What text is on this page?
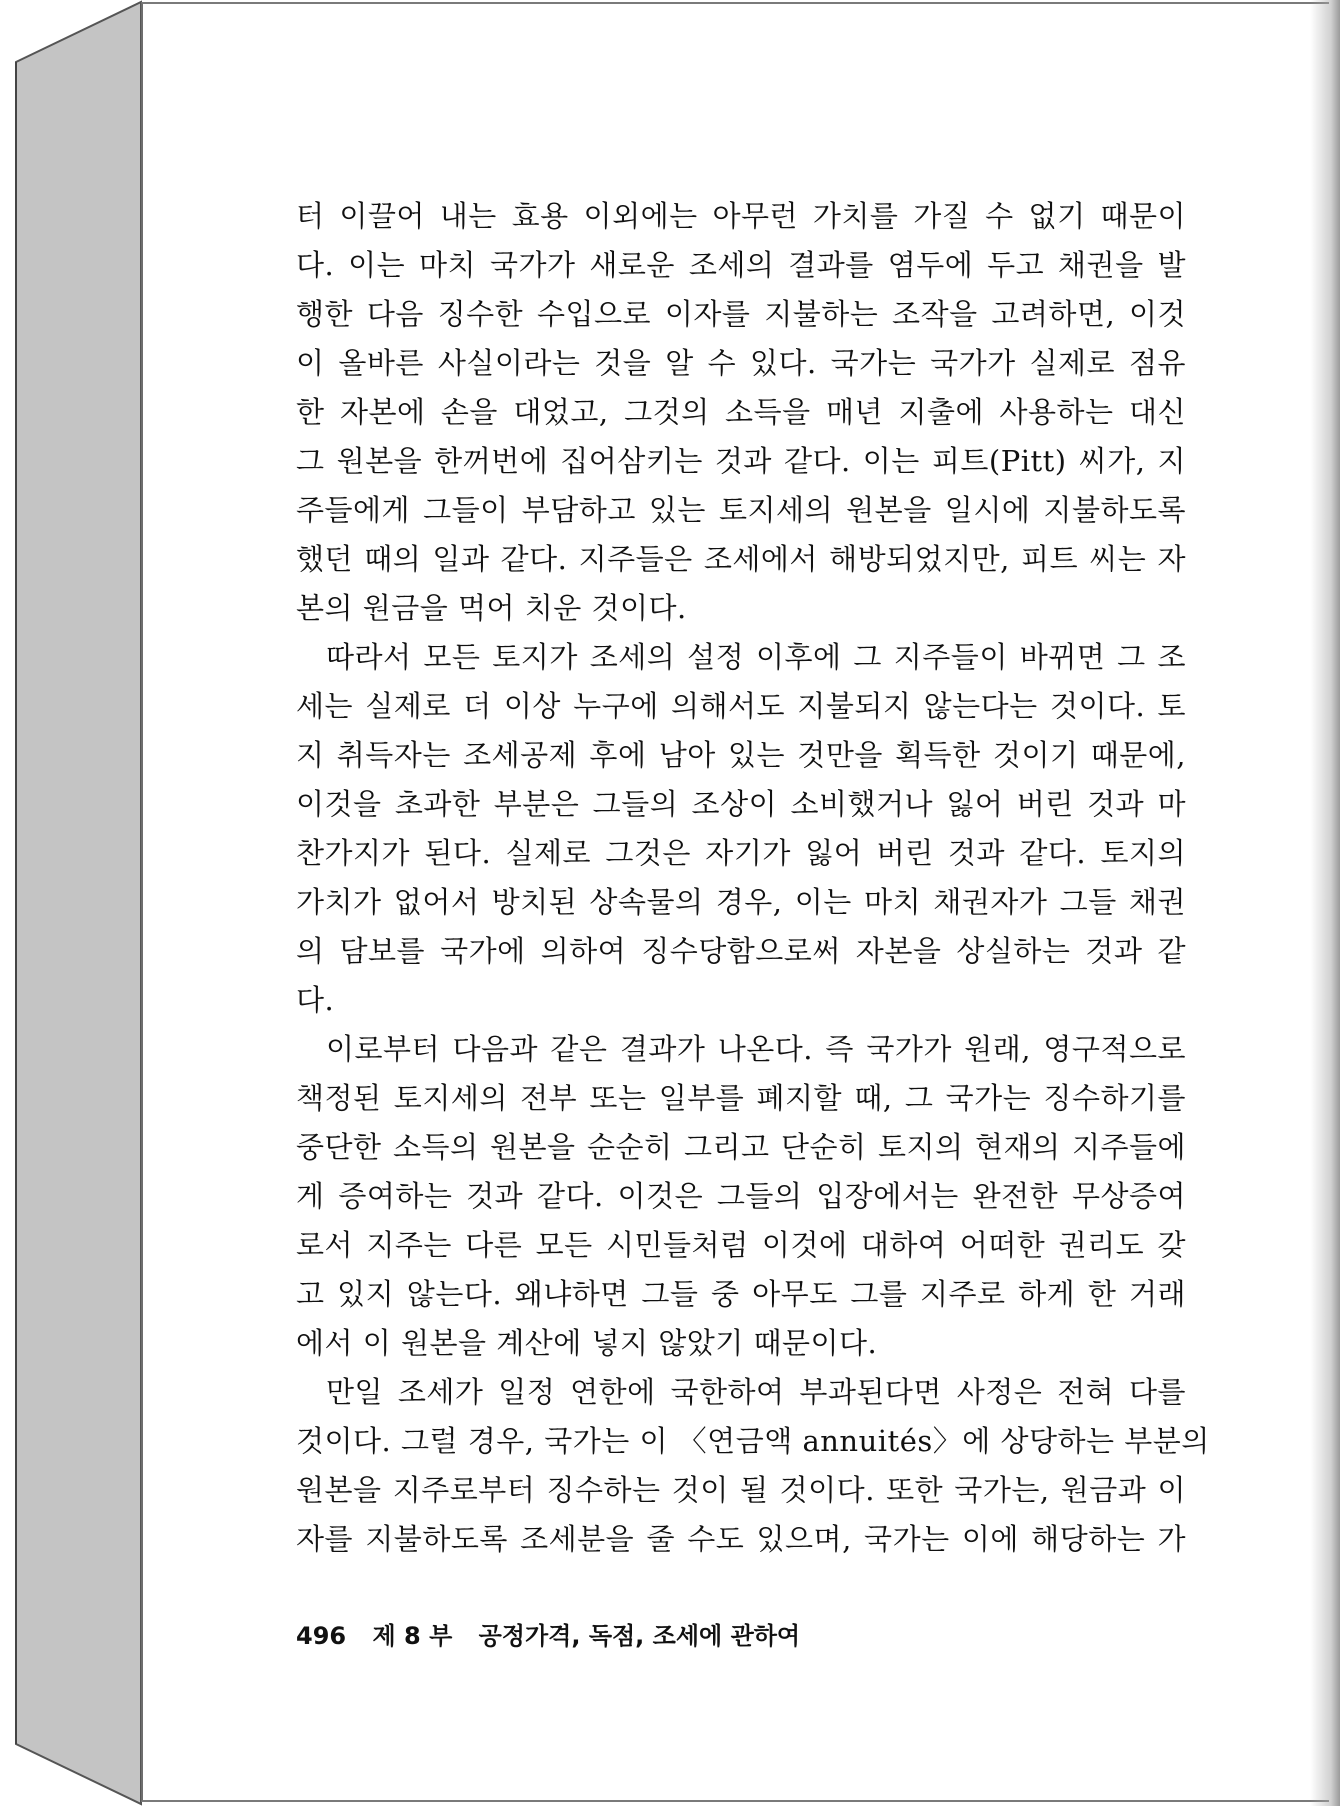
터 이끌어 내는 효용 이외에는 아무런 가치를 가질 수 없기 때문이
다. 이는 마치 국가가 새로운 조세의 결과를 염두에 두고 채권을 발
행한 다음 징수한 수입으로 이자를 지불하는 조작을 고려하면, 이것
이 올바른 사실이라는 것을 알 수 있다. 국가는 국가가 실제로 점유
한 자본에 손을 대었고, 그것의 소득을 매년 지출에 사용하는 대신
그 원본을 한꺼번에 집어삼키는 것과 같다. 이는 피트(Pitt) 씨가, 지
주들에게 그들이 부담하고 있는 토지세의 원본을 일시에 지불하도록
했던 때의 일과 같다. 지주들은 조세에서 해방되었지만, 피트 씨는 자
본의 원금을 먹어 치운 것이다.
따라서 모든 토지가 조세의 설정 이후에 그 지주들이 바뀌면 그 조
세는 실제로 더 이상 누구에 의해서도 지불되지 않는다는 것이다. 토
지 취득자는 조세공제 후에 남아 있는 것만을 획득한 것이기 때문에,
이것을 초과한 부분은 그들의 조상이 소비했거나 잃어 버린 것과 마
찬가지가 된다. 실제로 그것은 자기가 잃어 버린 것과 같다. 토지의
가치가 없어서 방치된 상속물의 경우, 이는 마치 채권자가 그들 채권
의 담보를 국가에 의하여 징수당함으로써 자본을 상실하는 것과 같
다.
이로부터 다음과 같은 결과가 나온다. 즉 국가가 원래, 영구적으로
책정된 토지세의 전부 또는 일부를 폐지할 때, 그 국가는 징수하기를
중단한 소득의 원본을 순순히 그리고 단순히 토지의 현재의 지주들에
게 증여하는 것과 같다. 이것은 그들의 입장에서는 완전한 무상증여
로서 지주는 다른 모든 시민들처럼 이것에 대하여 어떠한 권리도 갖
고 있지 않는다. 왜냐하면 그들 중 아무도 그를 지주로 하게 한 거래
에서 이 원본을 계산에 넣지 않았기 때문이다.
만일 조세가 일정 연한에 국한하여 부과된다면 사정은 전혀 다를
것이다. 그럴 경우, 국가는 이 〈연금액 annuités〉에 상당하는 부분의
원본을 지주로부터 징수하는 것이 될 것이다. 또한 국가는, 원금과 이
자를 지불하도록 조세분을 줄 수도 있으며, 국가는 이에 해당하는 가
496 제 8 부 공정가격, 독점, 조세에 관하여
